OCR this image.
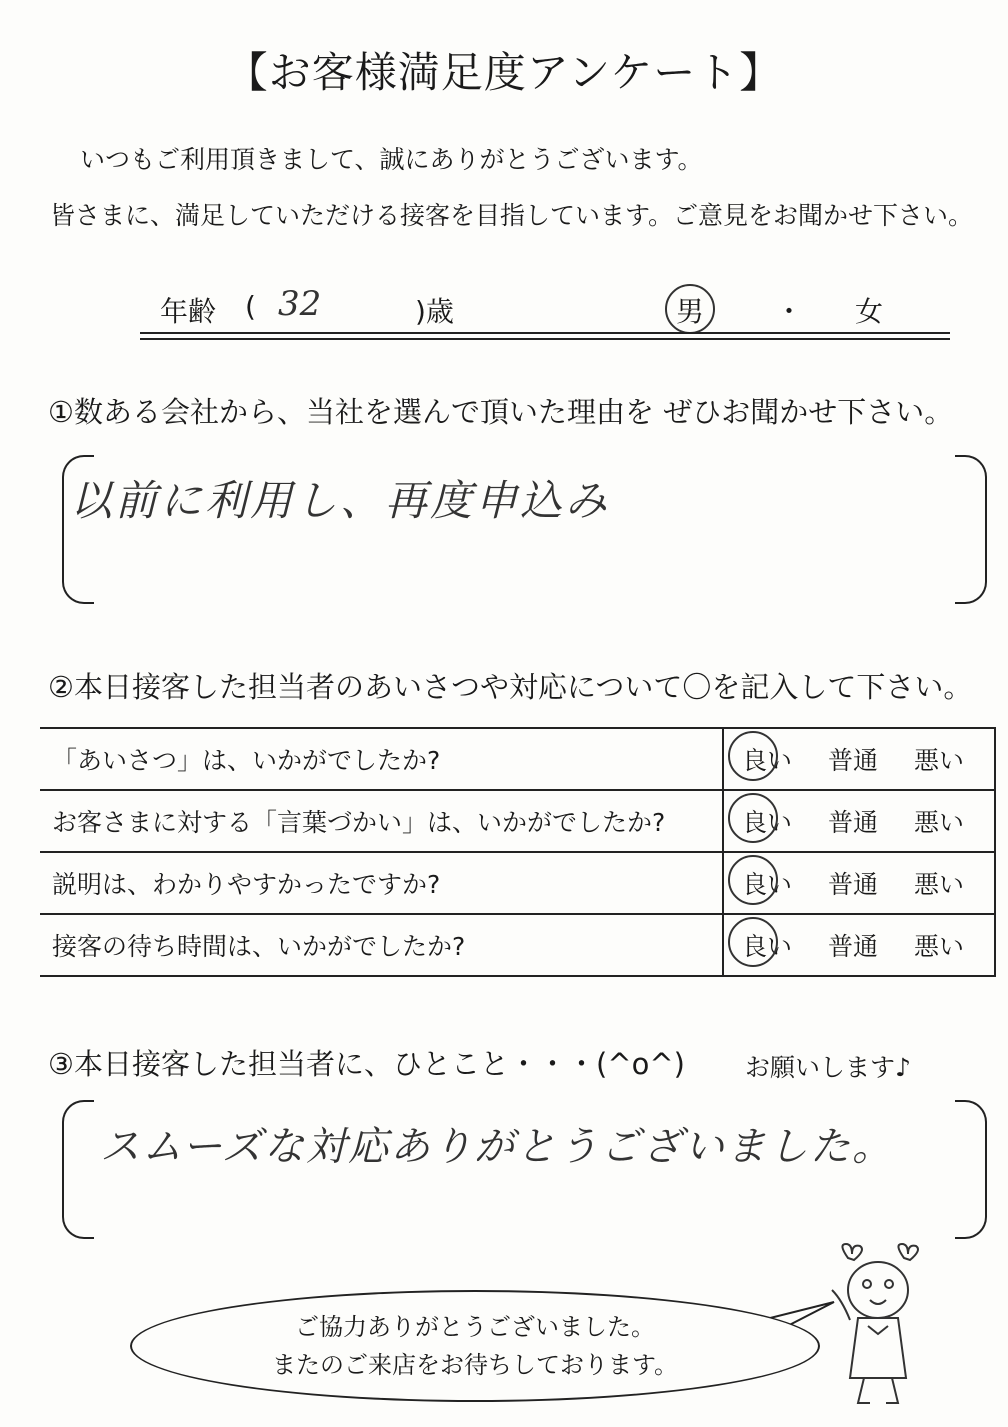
【お客様満足度アンケート】
いつもご利用頂きまして、誠にありがとうございます。
皆さまに、満足していただける接客を目指しています。ご意見をお聞かせ下さい。
年齢 ( 32	)歳	男	・ 女
①数ある会社から、当社を選んで頂いた理由を ぜひお聞かせ下さい。
以前に利用し、再度申込み
②本日接客した担当者のあいさつや対応について〇を記入して下さい。
「あいさつ」は、いかがでしたか?	良い 普通 悪い
お客さまに対する「言葉づかい」は、いかがでしたか?	良い 普通 悪い
説明は、わかりやすかったですか?	良い 普通 悪い
接客の待ち時間は、いかがでしたか?	良い 普通 悪い
③本日接客した担当者に、ひとこと・・・(^o^) お願いします♪
スムーズな対応ありがとうございました。
ご協力ありがとうございました。
またのご来店をお待ちしております。
